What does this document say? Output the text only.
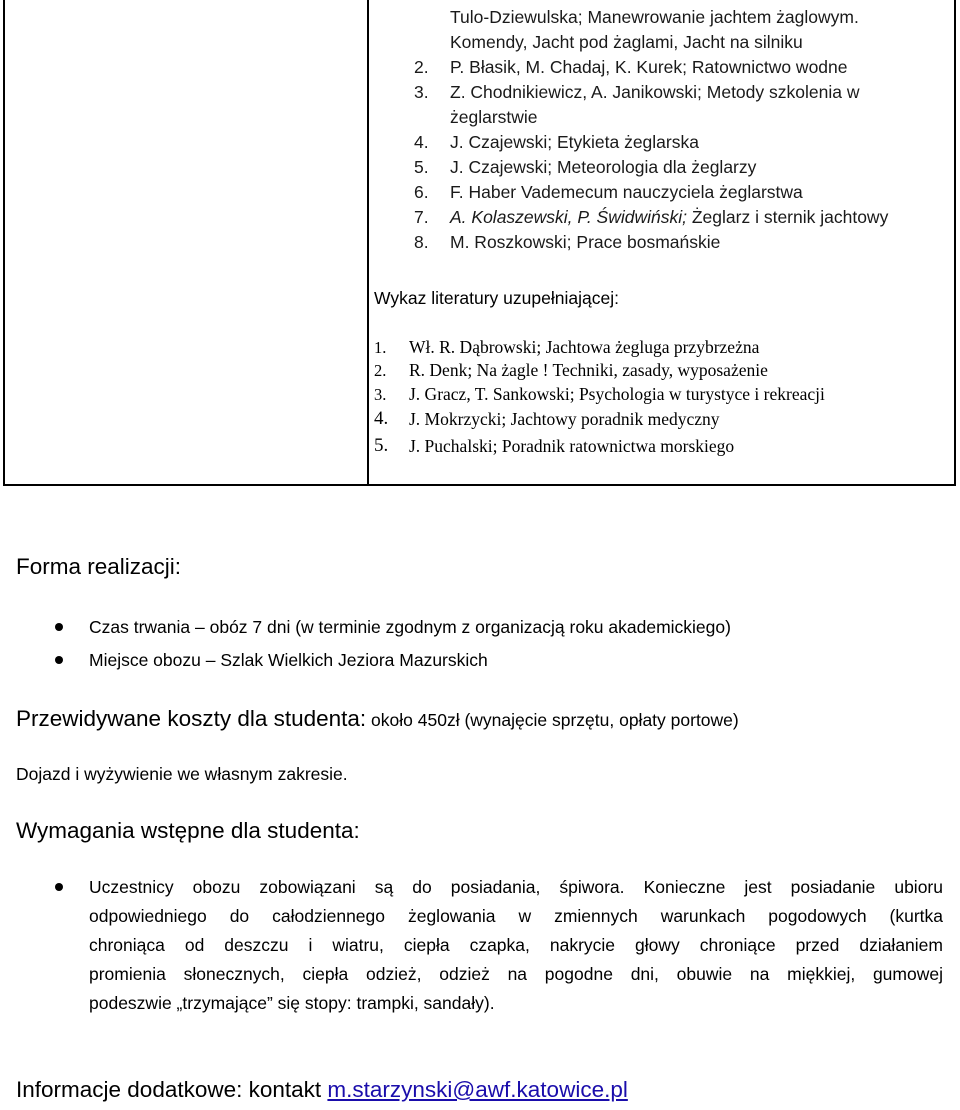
Tulo-Dziewulska; Manewrowanie jachtem żaglowym.
Komendy, Jacht pod żaglami, Jacht na silniku
2. P. Błasik, M. Chadaj, K. Kurek; Ratownictwo wodne
3. Z. Chodnikiewicz, A. Janikowski; Metody szkolenia w
żeglarstwie
4. J. Czajewski; Etykieta żeglarska
5. J. Czajewski; Meteorologia dla żeglarzy
6. F. Haber Vademecum nauczyciela żeglarstwa
7. A. Kolaszewski, P. Świdwiński; Żeglarz i sternik jachtowy
8. M. Roszkowski; Prace bosmańskie
Wykaz literatury uzupełniającej:
1. Wł. R. Dąbrowski; Jachtowa żegluga przybrzeżna
2. R. Denk; Na żagle ! Techniki, zasady, wyposażenie
3. J. Gracz, T. Sankowski; Psychologia w turystyce i rekreacji
4. J. Mokrzycki; Jachtowy poradnik medyczny
5. J. Puchalski; Poradnik ratownictwa morskiego
Forma realizacji:
Czas trwania – obóz 7 dni (w terminie zgodnym z organizacją roku akademickiego)
Miejsce obozu – Szlak Wielkich Jeziora Mazurskich
Przewidywane koszty dla studenta: około 450zł (wynajęcie sprzętu, opłaty portowe)
Dojazd i wyżywienie we własnym zakresie.
Wymagania wstępne dla studenta:
Uczestnicy obozu zobowiązani są do posiadania, śpiwora. Konieczne jest posiadanie ubioru
odpowiedniego do całodziennego żeglowania w zmiennych warunkach pogodowych (kurtka
chroniąca od deszczu i wiatru, ciepła czapka, nakrycie głowy chroniące przed działaniem
promienia słonecznych, ciepła odzież, odzież na pogodne dni, obuwie na miękkiej, gumowej
podeszwie „trzymające” się stopy: trampki, sandały).
Informacje dodatkowe: kontakt m.starzynski@awf.katowice.pl
